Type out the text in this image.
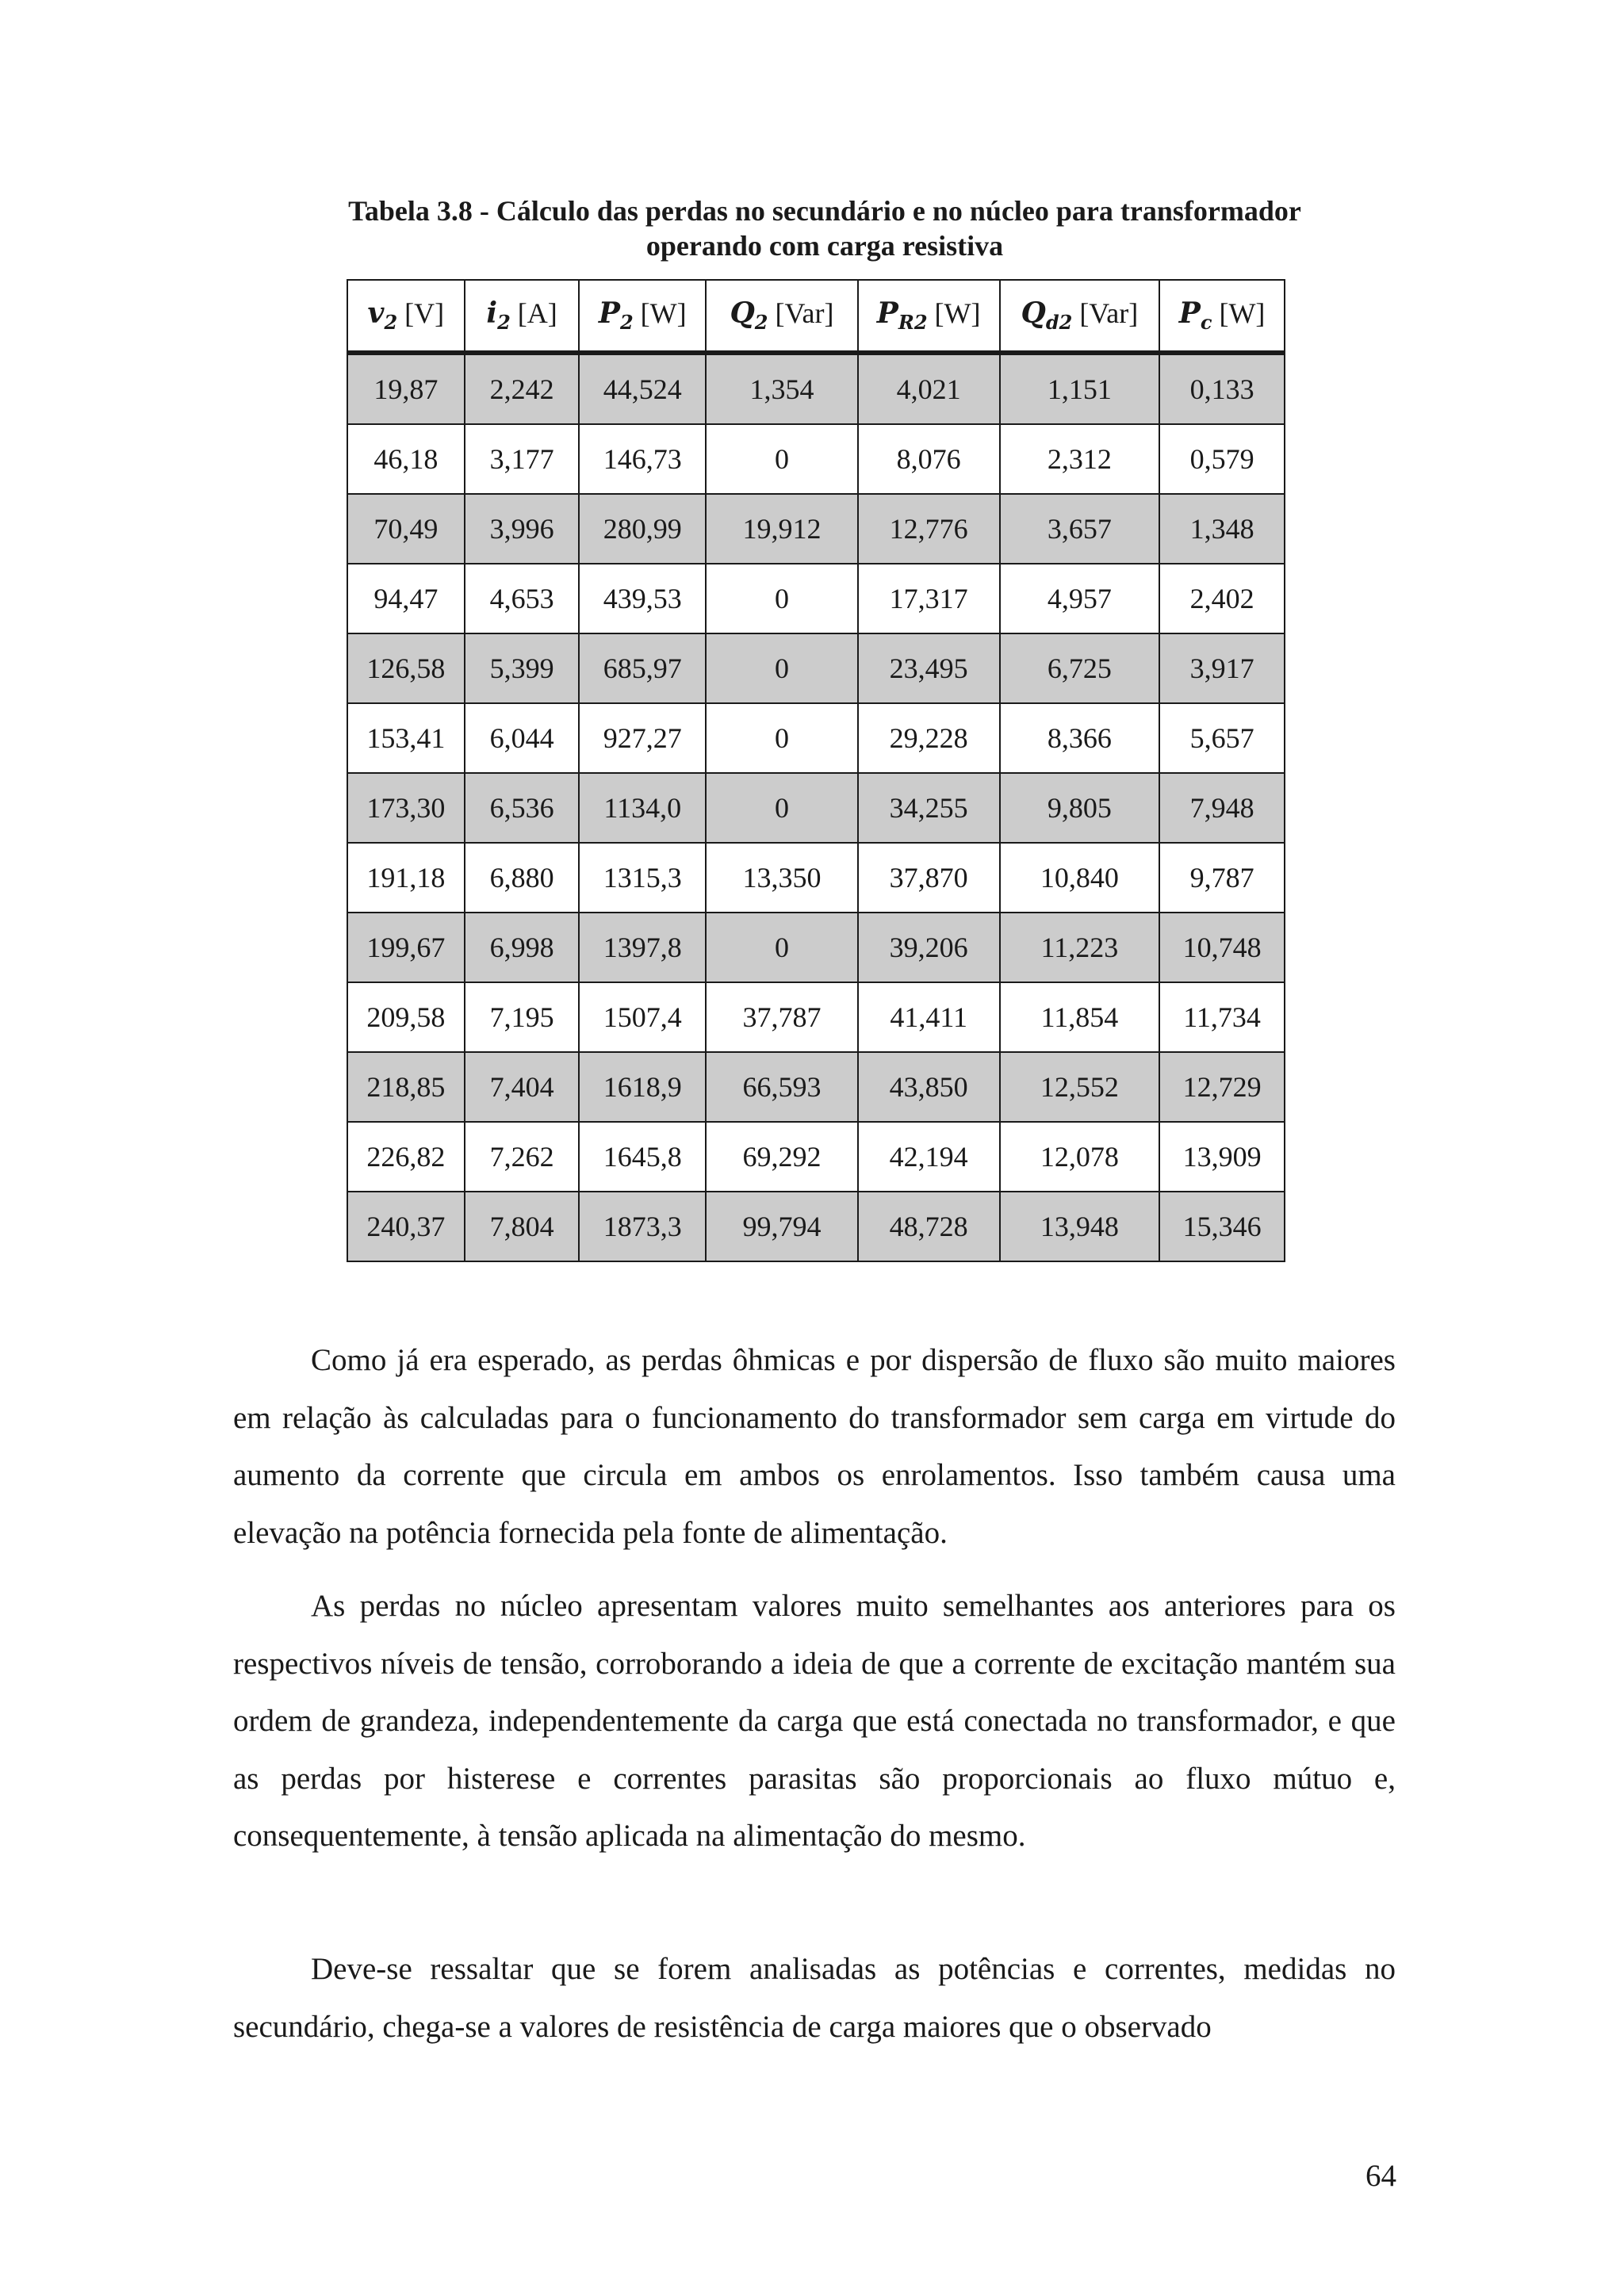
Tabela 3.8 - Cálculo das perdas no secundário e no núcleo para transformador
operando com carga resistiva
$v_2$ [V]	$i_2$ [A]	$P_2$ [W]	$Q_2$ [Var]	$P_{R2}$ [W]	$Q_{d2}$ [Var]	$P_c$ [W]
19,87	2,242	44,524	1,354	4,021	1,151	0,133
46,18	3,177	146,73	0	8,076	2,312	0,579
70,49	3,996	280,99	19,912	12,776	3,657	1,348
94,47	4,653	439,53	0	17,317	4,957	2,402
126,58	5,399	685,97	0	23,495	6,725	3,917
153,41	6,044	927,27	0	29,228	8,366	5,657
173,30	6,536	1134,0	0	34,255	9,805	7,948
191,18	6,880	1315,3	13,350	37,870	10,840	9,787
199,67	6,998	1397,8	0	39,206	11,223	10,748
209,58	7,195	1507,4	37,787	41,411	11,854	11,734
218,85	7,404	1618,9	66,593	43,850	12,552	12,729
226,82	7,262	1645,8	69,292	42,194	12,078	13,909
240,37	7,804	1873,3	99,794	48,728	13,948	15,346

Como já era esperado, as perdas ôhmicas e por dispersão de fluxo são muito maiores em relação às calculadas para o funcionamento do transformador sem carga em virtude do aumento da corrente que circula em ambos os enrolamentos. Isso também causa uma elevação na potência fornecida pela fonte de alimentação.

As perdas no núcleo apresentam valores muito semelhantes aos anteriores para os respectivos níveis de tensão, corroborando a ideia de que a corrente de excitação mantém sua ordem de grandeza, independentemente da carga que está conectada no transformador, e que as perdas por histerese e correntes parasitas são proporcionais ao fluxo mútuo e, consequentemente, à tensão aplicada na alimentação do mesmo.

Deve-se ressaltar que se forem analisadas as potências e correntes, medidas no secundário, chega-se a valores de resistência de carga maiores que o observado

64
